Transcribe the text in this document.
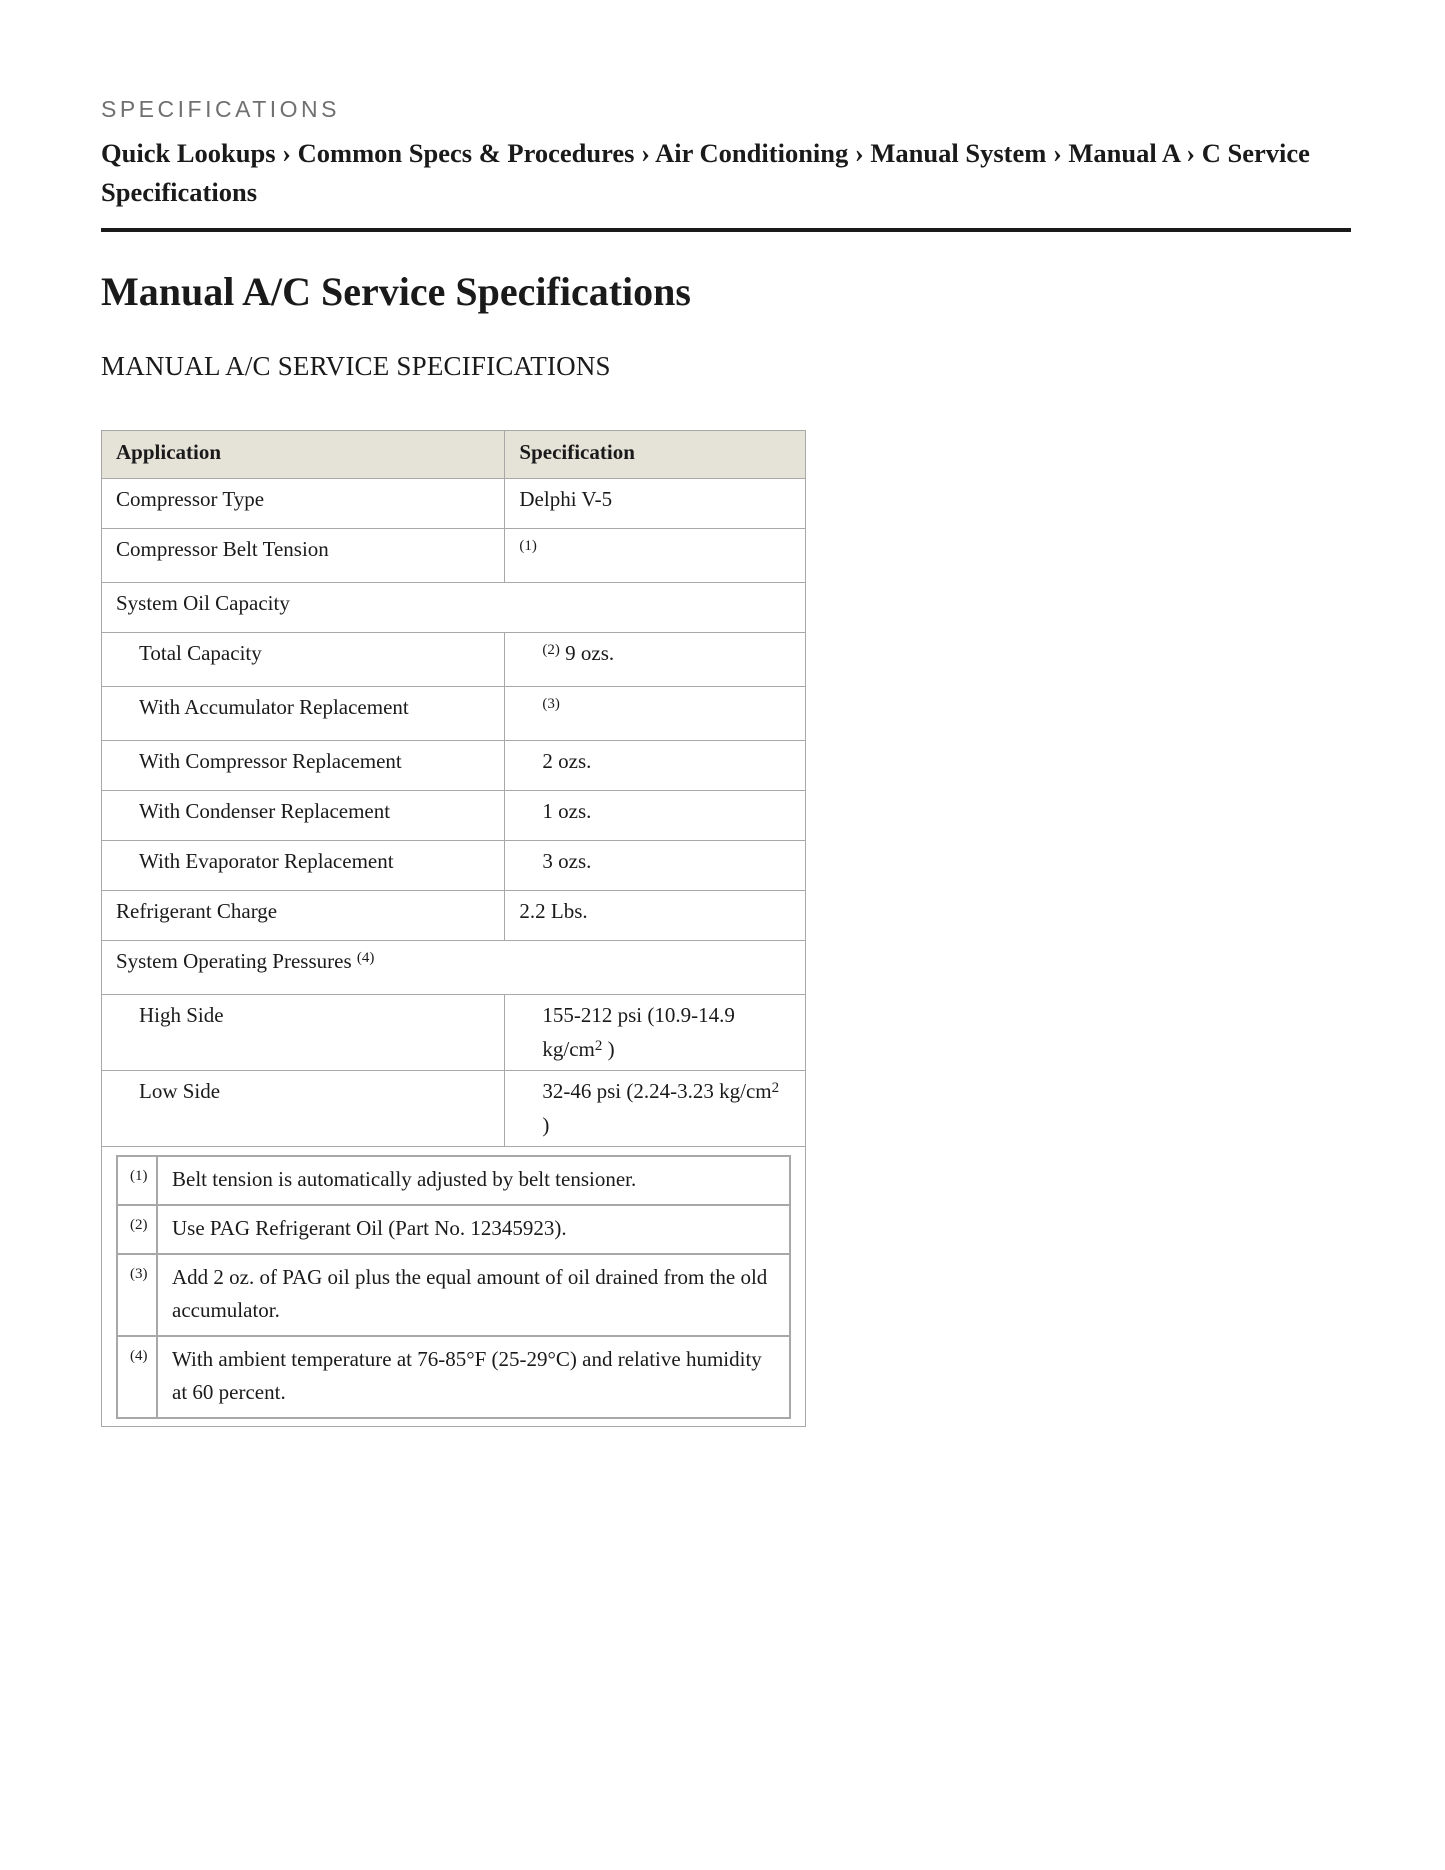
SPECIFICATIONS
Quick Lookups › Common Specs & Procedures › Air Conditioning › Manual System › Manual A › C Service Specifications
Manual A/C Service Specifications
MANUAL A/C SERVICE SPECIFICATIONS
Application	Specification
Compressor Type	Delphi V-5
Compressor Belt Tension	$^{(1)}$
System Oil Capacity
Total Capacity	$^{(2)}$ 9 ozs.
With Accumulator Replacement	$^{(3)}$
With Compressor Replacement	2 ozs.
With Condenser Replacement	1 ozs.
With Evaporator Replacement	3 ozs.
Refrigerant Charge	2.2 Lbs.
System Operating Pressures $^{(4)}$
High Side	155-212 psi (10.9-14.9 $kg/cm^2$ )
Low Side	32-46 psi (2.24-3.23 $kg/cm^2$ )

(1)	Belt tension is automatically adjusted by belt tensioner.
(2)	Use PAG Refrigerant Oil (Part No. 12345923).
(3)	Add 2 oz. of PAG oil plus the equal amount of oil drained from the old accumulator.
(4)	With ambient temperature at 76-85°F (25-29°C) and relative humidity at 60 percent.
